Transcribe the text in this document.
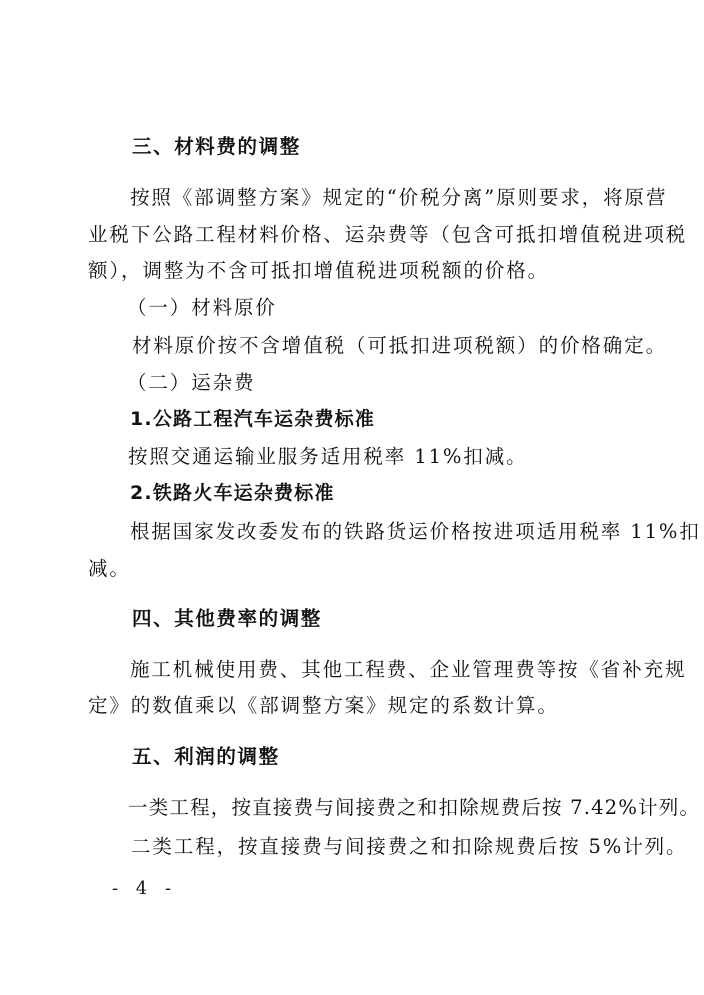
三、材料费的调整
按照《部调整方案》规定的“价税分离”原则要求，将原营
业税下公路工程材料价格、运杂费等（包含可抵扣增值税进项税
额），调整为不含可抵扣增值税进项税额的价格。
（一）材料原价
材料原价按不含增值税（可抵扣进项税额）的价格确定。
（二）运杂费
1.公路工程汽车运杂费标准
按照交通运输业服务适用税率 11%扣减。
2.铁路火车运杂费标准
根据国家发改委发布的铁路货运价格按进项适用税率 11%扣
减。
四、其他费率的调整
施工机械使用费、其他工程费、企业管理费等按《省补充规
定》的数值乘以《部调整方案》规定的系数计算。
五、利润的调整
一类工程，按直接费与间接费之和扣除规费后按 7.42%计列。
二类工程，按直接费与间接费之和扣除规费后按 5%计列。
- 4 -
